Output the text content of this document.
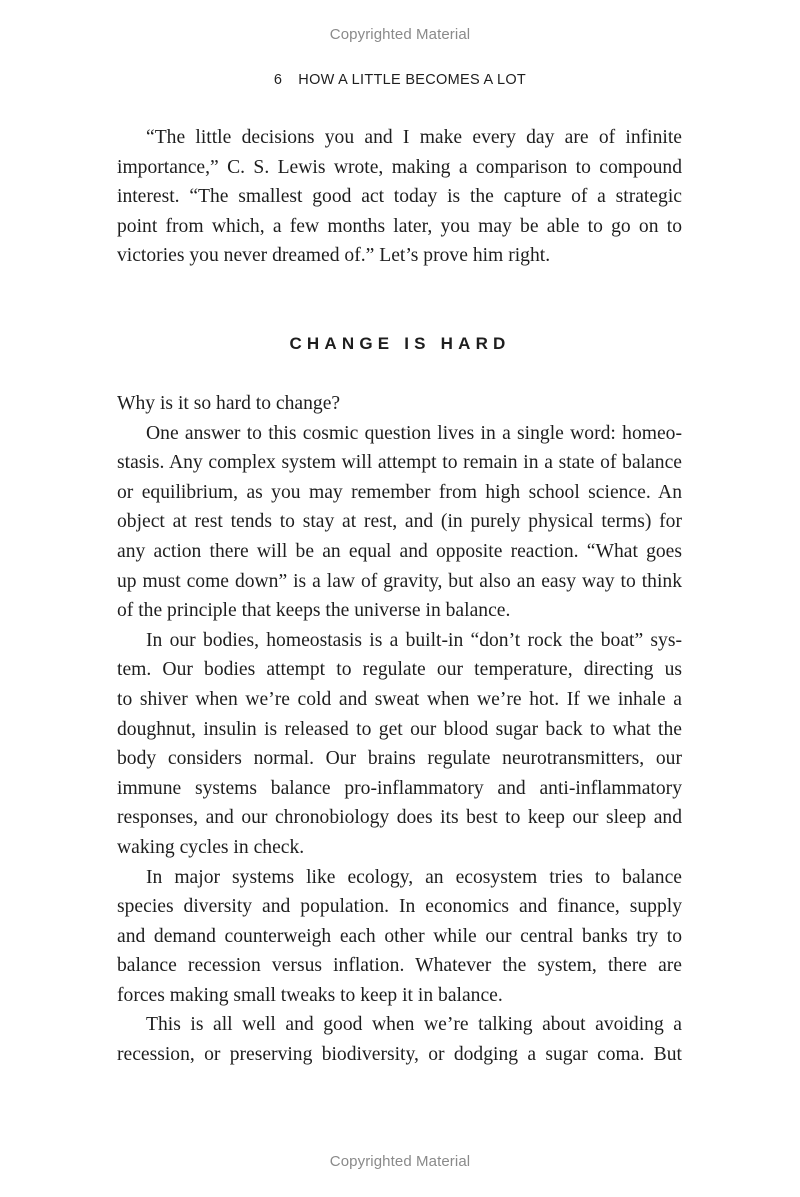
Copyrighted Material
6 HOW A LITTLE BECOMES A LOT
“The little decisions you and I make every day are of infinite
importance,” C. S. Lewis wrote, making a comparison to compound
interest. “The smallest good act today is the capture of a strategic
point from which, a few months later, you may be able to go on to
victories you never dreamed of.” Let’s prove him right.
CHANGE IS HARD
Why is it so hard to change?
One answer to this cosmic question lives in a single word: homeo-
stasis. Any complex system will attempt to remain in a state of balance
or equilibrium, as you may remember from high school science. An
object at rest tends to stay at rest, and (in purely physical terms) for
any action there will be an equal and opposite reaction. “What goes
up must come down” is a law of gravity, but also an easy way to think
of the principle that keeps the universe in balance.
In our bodies, homeostasis is a built-in “don’t rock the boat” sys-
tem. Our bodies attempt to regulate our temperature, directing us
to shiver when we’re cold and sweat when we’re hot. If we inhale a
doughnut, insulin is released to get our blood sugar back to what the
body considers normal. Our brains regulate neurotransmitters, our
immune systems balance pro-inflammatory and anti-inflammatory
responses, and our chronobiology does its best to keep our sleep and
waking cycles in check.
In major systems like ecology, an ecosystem tries to balance
species diversity and population. In economics and finance, supply
and demand counterweigh each other while our central banks try to
balance recession versus inflation. Whatever the system, there are
forces making small tweaks to keep it in balance.
This is all well and good when we’re talking about avoiding a
recession, or preserving biodiversity, or dodging a sugar coma. But
Copyrighted Material
